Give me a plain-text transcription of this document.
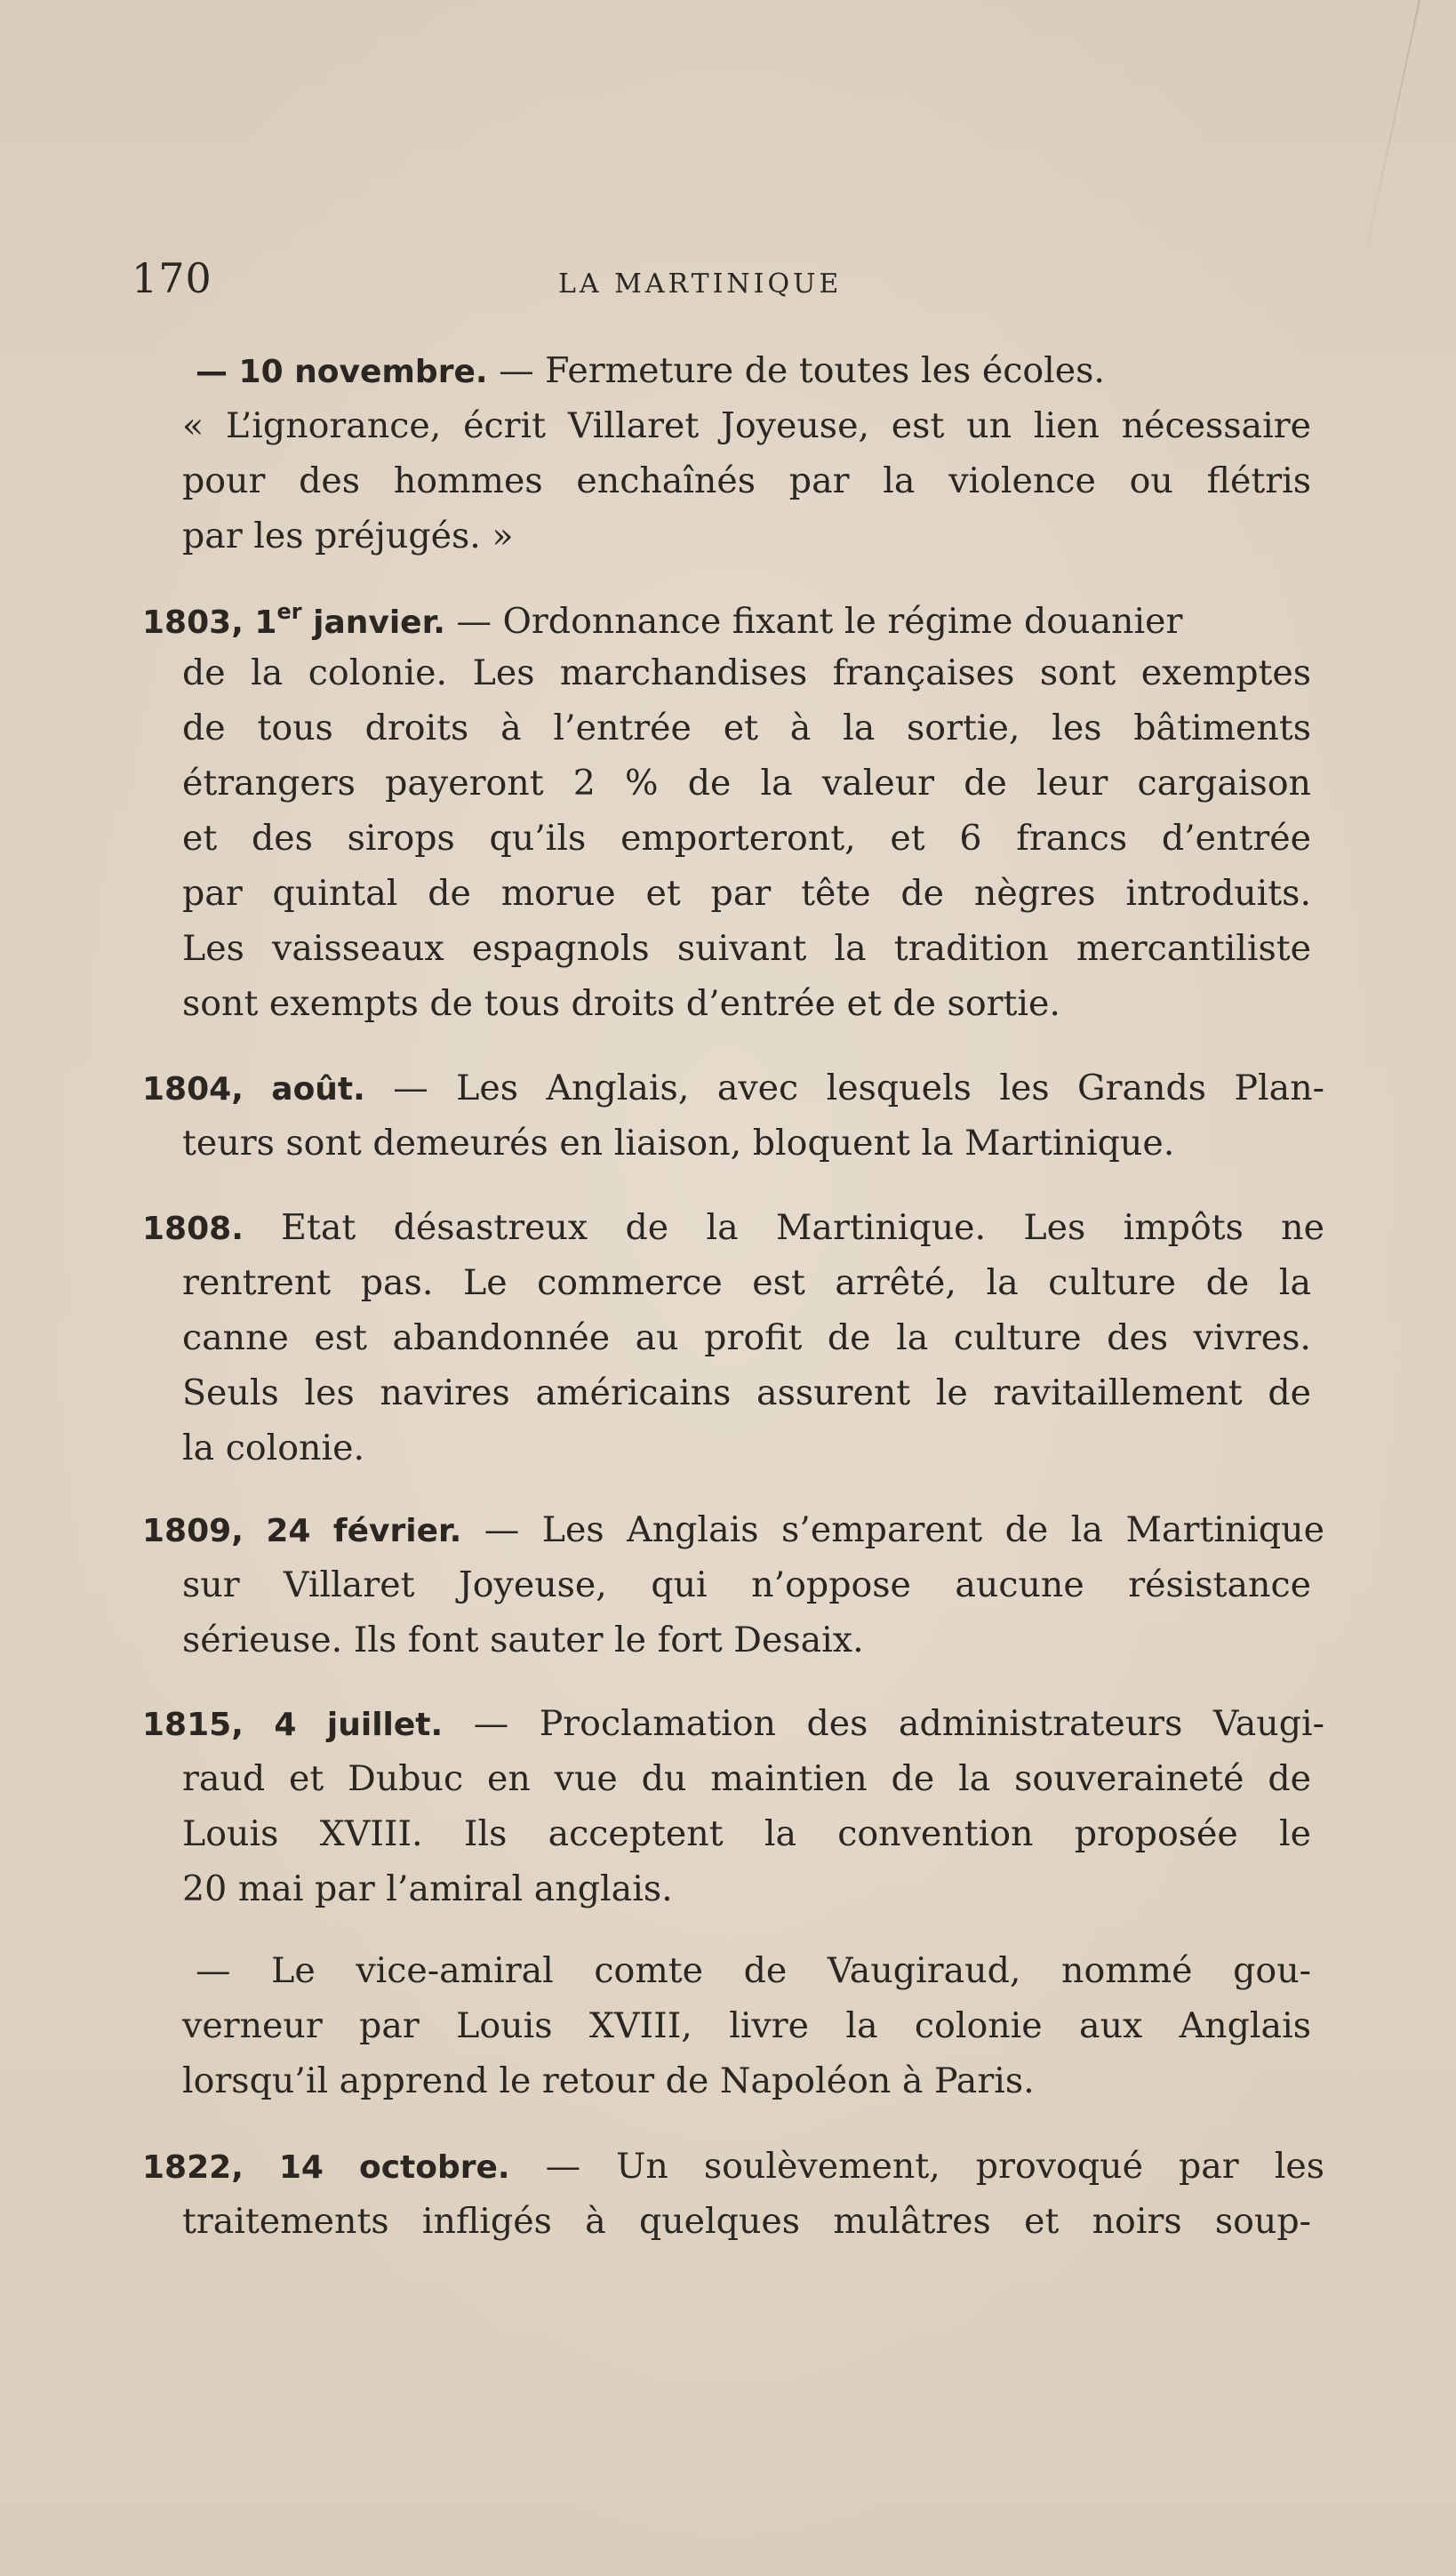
170	LA MARTINIQUE
— 10 novembre. — Fermeture de toutes les écoles.
« L’ignorance, écrit Villaret Joyeuse, est un lien nécessaire
pour des hommes enchaînés par la violence ou flétris
par les préjugés. »
1803, 1er janvier. — Ordonnance fixant le régime douanier
de la colonie. Les marchandises françaises sont exemptes
de tous droits à l’entrée et à la sortie, les bâtiments
étrangers payeront 2 % de la valeur de leur cargaison
et des sirops qu’ils emporteront, et 6 francs d’entrée
par quintal de morue et par tête de nègres introduits.
Les vaisseaux espagnols suivant la tradition mercantiliste
sont exempts de tous droits d’entrée et de sortie.
1804, août. — Les Anglais, avec lesquels les Grands Plan-
teurs sont demeurés en liaison, bloquent la Martinique.
1808. Etat désastreux de la Martinique. Les impôts ne
rentrent pas. Le commerce est arrêté, la culture de la
canne est abandonnée au profit de la culture des vivres.
Seuls les navires américains assurent le ravitaillement de
la colonie.
1809, 24 février. — Les Anglais s’emparent de la Martinique
sur Villaret Joyeuse, qui n’oppose aucune résistance
sérieuse. Ils font sauter le fort Desaix.
1815, 4 juillet. — Proclamation des administrateurs Vaugi-
raud et Dubuc en vue du maintien de la souveraineté de
Louis XVIII. Ils acceptent la convention proposée le
20 mai par l’amiral anglais.
— Le vice-amiral comte de Vaugiraud, nommé gou-
verneur par Louis XVIII, livre la colonie aux Anglais
lorsqu’il apprend le retour de Napoléon à Paris.
1822, 14 octobre. — Un soulèvement, provoqué par les
traitements infligés à quelques mulâtres et noirs soup-
